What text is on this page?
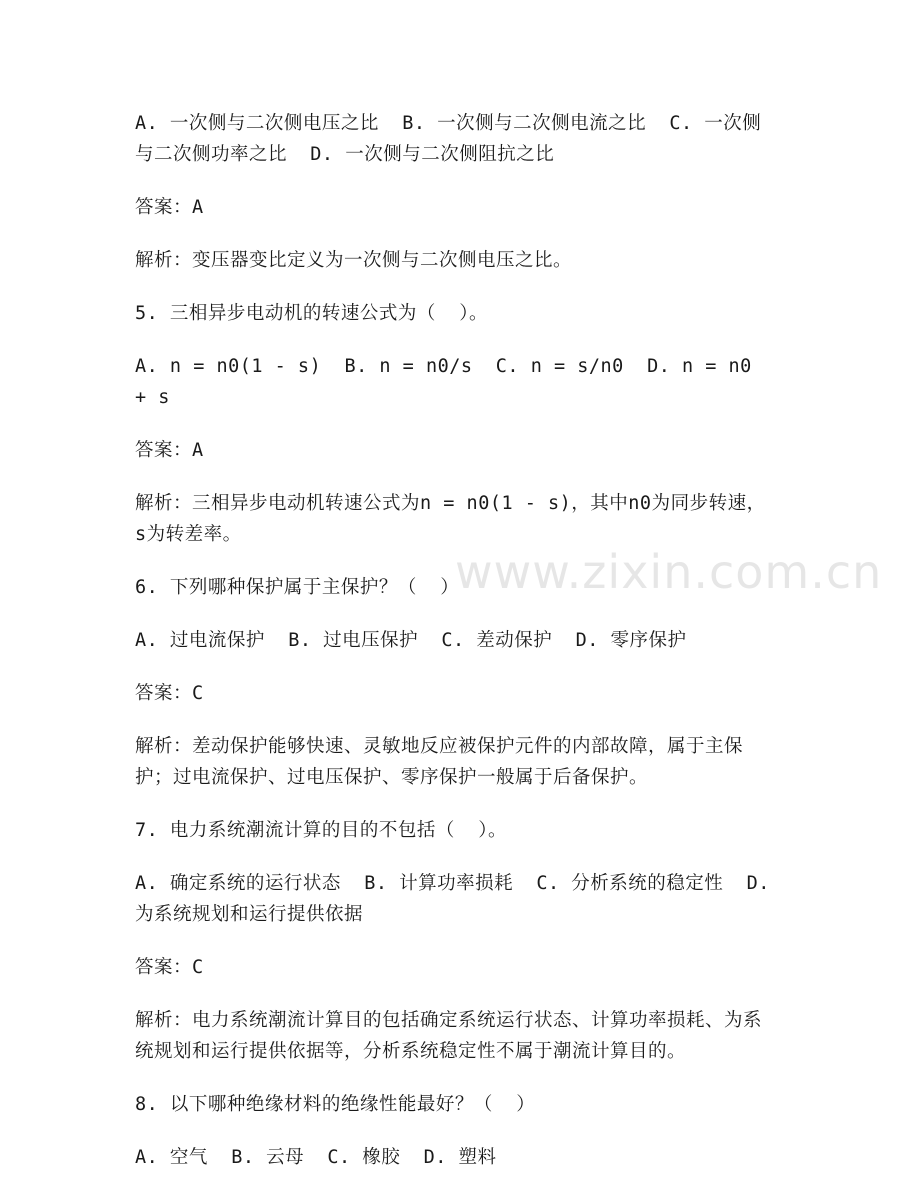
A. 一次侧与二次侧电压之比  B. 一次侧与二次侧电流之比  C. 一次侧与二次侧功率之比  D. 一次侧与二次侧阻抗之比

答案：A

解析：变压器变比定义为一次侧与二次侧电压之比。

5. 三相异步电动机的转速公式为（  ）。

A. n = n0(1 - s)  B. n = n0/s  C. n = s/n0  D. n = n0 + s

答案：A

解析：三相异步电动机转速公式为n = n0(1 - s)，其中n0为同步转速，s为转差率。

6. 下列哪种保护属于主保护？（  ）

A. 过电流保护  B. 过电压保护  C. 差动保护  D. 零序保护

答案：C

解析：差动保护能够快速、灵敏地反应被保护元件的内部故障，属于主保护；过电流保护、过电压保护、零序保护一般属于后备保护。

7. 电力系统潮流计算的目的不包括（  ）。

A. 确定系统的运行状态  B. 计算功率损耗  C. 分析系统的稳定性  D. 为系统规划和运行提供依据

答案：C

解析：电力系统潮流计算目的包括确定系统运行状态、计算功率损耗、为系统规划和运行提供依据等，分析系统稳定性不属于潮流计算目的。

8. 以下哪种绝缘材料的绝缘性能最好？（  ）

A. 空气  B. 云母  C. 橡胶  D. 塑料

www.zixin.com.cn
